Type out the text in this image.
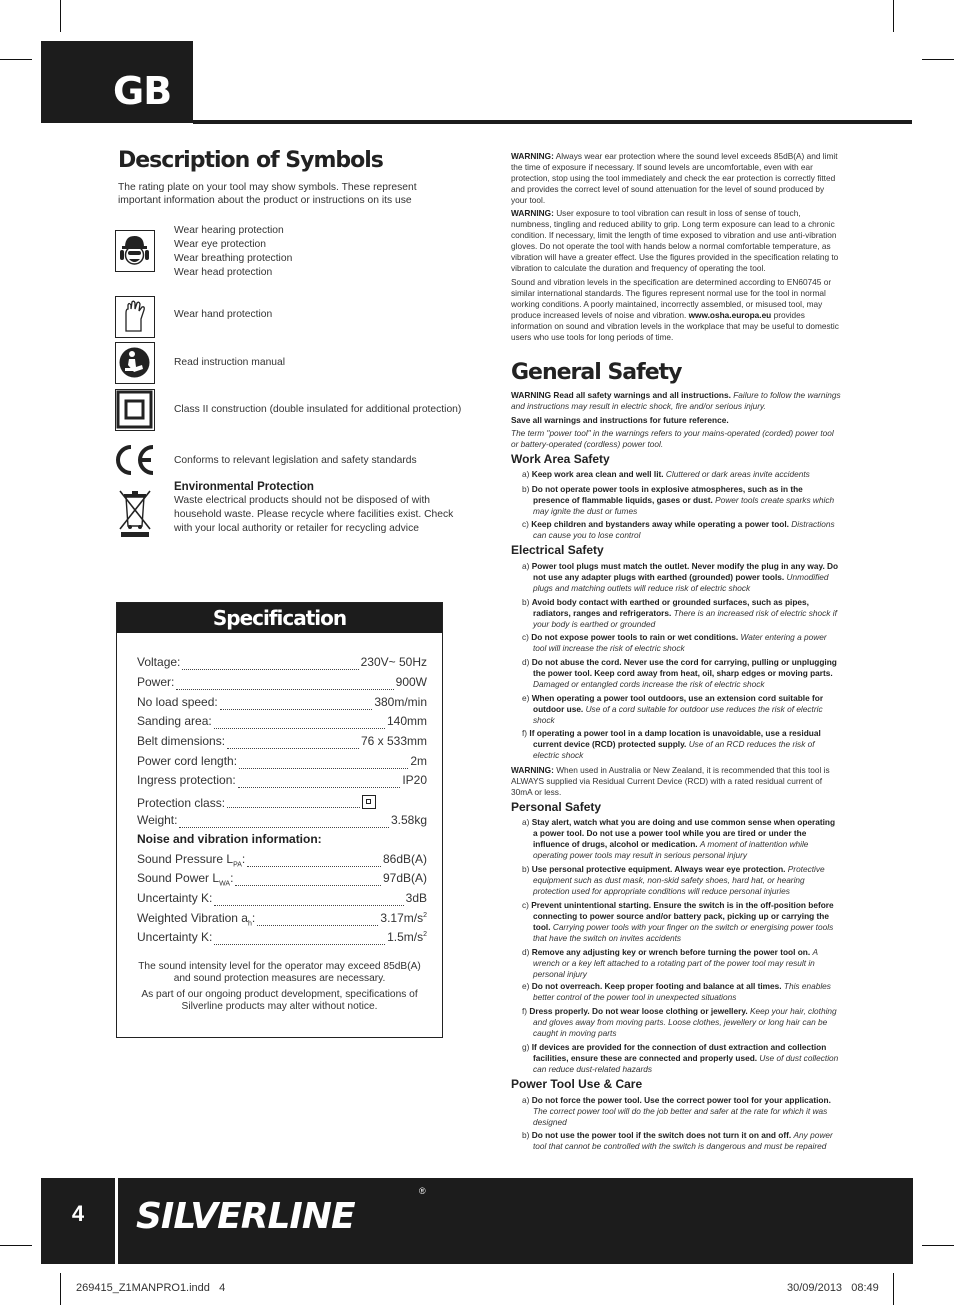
GB
Description of Symbols
The rating plate on your tool may show symbols. These represent important information about the product or instructions on its use
Wear hearing protection
Wear eye protection
Wear breathing protection
Wear head protection
Wear hand protection
Read instruction manual
Class II construction (double insulated for additional protection)
Conforms to relevant legislation and safety standards
Environmental Protection
Waste electrical products should not be disposed of with
household waste. Please recycle where facilities exist. Check
with your local authority or retailer for recycling advice
Specification
Voltage:	230V~ 50Hz
Power:	900W
No load speed:	380m/min
Sanding area:	140mm
Belt dimensions:	76 x 533mm
Power cord length:	2m
Ingress protection:	IP20
Protection class:
Weight:	3.58kg
Noise and vibration information:
Sound Pressure $L_{PA}$:	86dB(A)
Sound Power $L_{WA}$:	97dB(A)
Uncertainty K:	3dB
Weighted Vibration $a_h$:	$3.17m/s^2$
Uncertainty K:	$1.5m/s^2$
The sound intensity level for the operator may exceed 85dB(A) and sound protection measures are necessary.
As part of our ongoing product development, specifications of Silverline products may alter without notice.
WARNING: Always wear ear protection where the sound level exceeds 85dB(A) and limit the time of exposure if necessary. If sound levels are uncomfortable, even with ear protection, stop using the tool immediately and check the ear protection is correctly fitted and provides the correct level of sound attenuation for the level of sound produced by your tool.
WARNING: User exposure to tool vibration can result in loss of sense of touch, numbness, tingling and reduced ability to grip. Long term exposure can lead to a chronic condition. If necessary, limit the length of time exposed to vibration and use anti-vibration gloves. Do not operate the tool with hands below a normal comfortable temperature, as vibration will have a greater effect. Use the figures provided in the specification relating to vibration to calculate the duration and frequency of operating the tool.
Sound and vibration levels in the specification are determined according to EN60745 or similar international standards. The figures represent normal use for the tool in normal working conditions. A poorly maintained, incorrectly assembled, or misused tool, may produce increased levels of noise and vibration. www.osha.europa.eu provides information on sound and vibration levels in the workplace that may be useful to domestic users who use tools for long periods of time.
General Safety
WARNING Read all safety warnings and all instructions. Failure to follow the warnings and instructions may result in electric shock, fire and/or serious injury.
Save all warnings and instructions for future reference.
The term "power tool" in the warnings refers to your mains-operated (corded) power tool or battery-operated (cordless) power tool.
Work Area Safety
a) Keep work area clean and well lit. Cluttered or dark areas invite accidents
b) Do not operate power tools in explosive atmospheres, such as in the presence of flammable liquids, gases or dust. Power tools create sparks which may ignite the dust or fumes
c) Keep children and bystanders away while operating a power tool. Distractions can cause you to lose control
Electrical Safety
a) Power tool plugs must match the outlet. Never modify the plug in any way. Do not use any adapter plugs with earthed (grounded) power tools. Unmodified plugs and matching outlets will reduce risk of electric shock
b) Avoid body contact with earthed or grounded surfaces, such as pipes, radiators, ranges and refrigerators. There is an increased risk of electric shock if your body is earthed or grounded
c) Do not expose power tools to rain or wet conditions. Water entering a power tool will increase the risk of electric shock
d) Do not abuse the cord. Never use the cord for carrying, pulling or unplugging the power tool. Keep cord away from heat, oil, sharp edges or moving parts. Damaged or entangled cords increase the risk of electric shock
e) When operating a power tool outdoors, use an extension cord suitable for outdoor use. Use of a cord suitable for outdoor use reduces the risk of electric shock
f) If operating a power tool in a damp location is unavoidable, use a residual current device (RCD) protected supply. Use of an RCD reduces the risk of electric shock
WARNING: When used in Australia or New Zealand, it is recommended that this tool is ALWAYS supplied via Residual Current Device (RCD) with a rated residual current of 30mA or less.
Personal Safety
a) Stay alert, watch what you are doing and use common sense when operating a power tool. Do not use a power tool while you are tired or under the influence of drugs, alcohol or medication. A moment of inattention while operating power tools may result in serious personal injury
b) Use personal protective equipment. Always wear eye protection. Protective equipment such as dust mask, non-skid safety shoes, hard hat, or hearing protection used for appropriate conditions will reduce personal injuries
c) Prevent unintentional starting. Ensure the switch is in the off-position before connecting to power source and/or battery pack, picking up or carrying the tool. Carrying power tools with your finger on the switch or energising power tools that have the switch on invites accidents
d) Remove any adjusting key or wrench before turning the power tool on. A wrench or a key left attached to a rotating part of the power tool may result in personal injury
e) Do not overreach. Keep proper footing and balance at all times. This enables better control of the power tool in unexpected situations
f) Dress properly. Do not wear loose clothing or jewellery. Keep your hair, clothing and gloves away from moving parts. Loose clothes, jewellery or long hair can be caught in moving parts
g) If devices are provided for the connection of dust extraction and collection facilities, ensure these are connected and properly used. Use of dust collection can reduce dust-related hazards
Power Tool Use & Care
a) Do not force the power tool. Use the correct power tool for your application. The correct power tool will do the job better and safer at the rate for which it was designed
b) Do not use the power tool if the switch does not turn it on and off. Any power tool that cannot be controlled with the switch is dangerous and must be repaired
4	SILVERLINE
®
269415_Z1MANPRO1.indd   4	30/09/2013   08:49
